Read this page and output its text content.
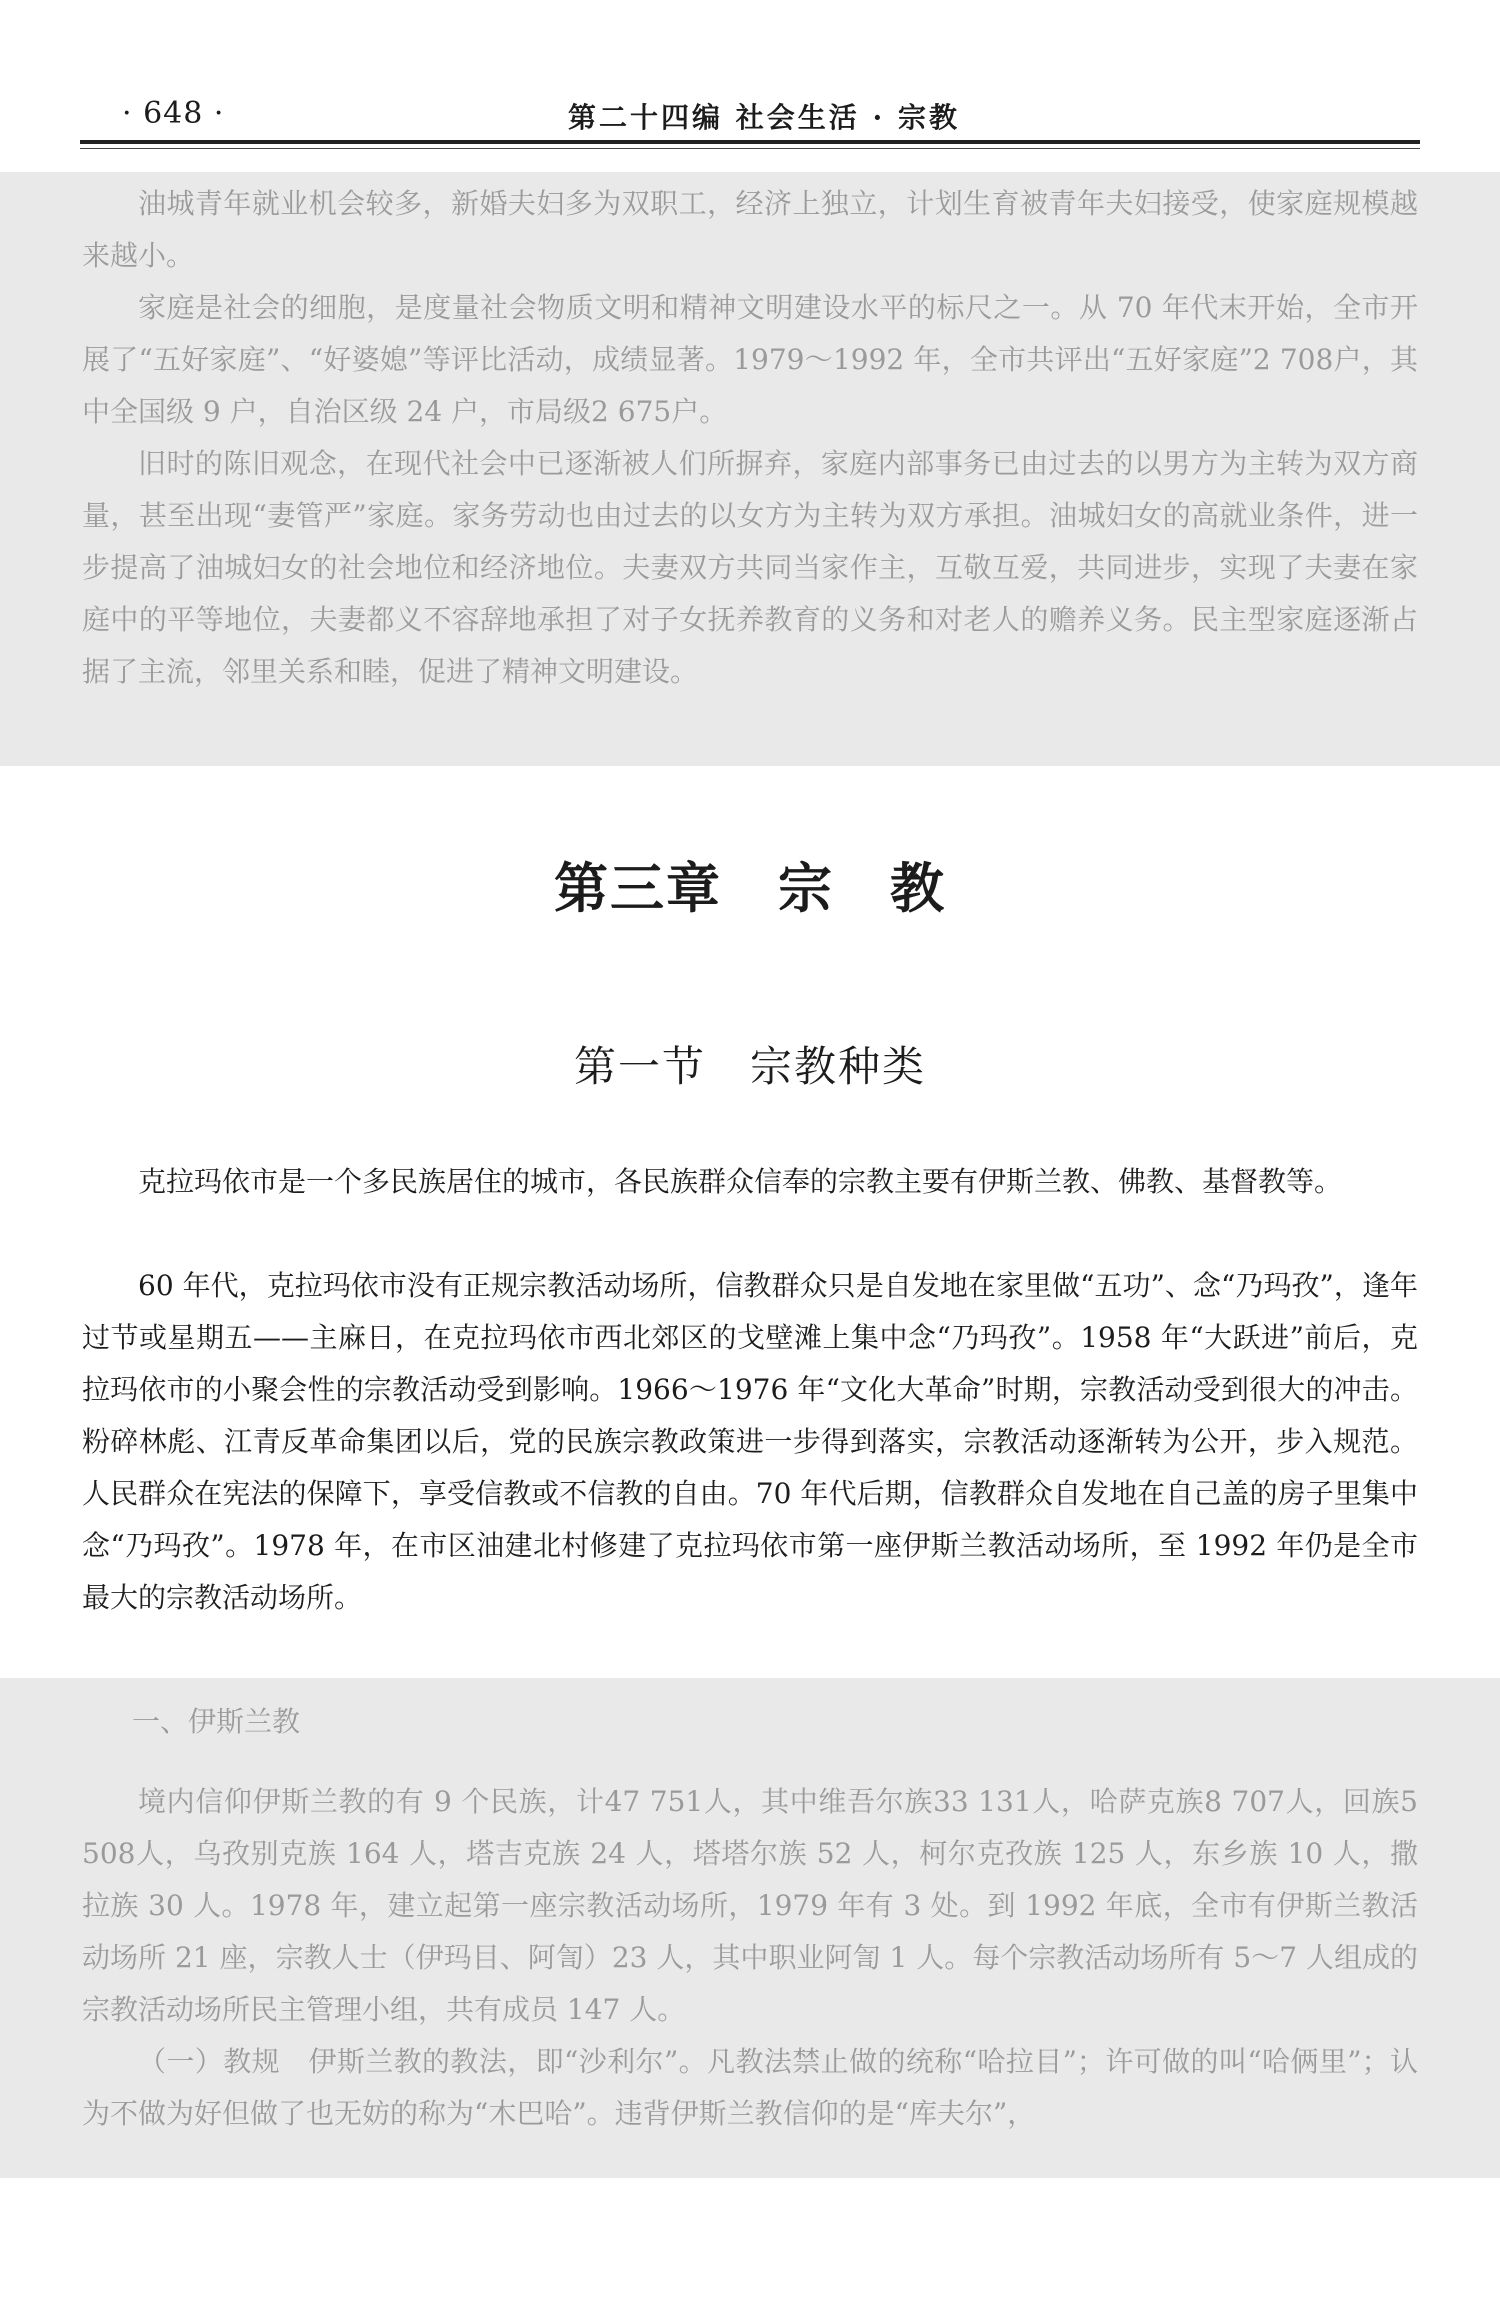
· 648 ·	第二十四编 社会生活 · 宗教

油城青年就业机会较多，新婚夫妇多为双职工，经济上独立，计划生育被青年夫妇接受，使家庭规模越来越小。

家庭是社会的细胞，是度量社会物质文明和精神文明建设水平的标尺之一。从 70 年代末开始，全市开展了“五好家庭”、“好婆媳”等评比活动，成绩显著。1979～1992 年，全市共评出“五好家庭”2 708户，其中全国级 9 户，自治区级 24 户，市局级2 675户。

旧时的陈旧观念，在现代社会中已逐渐被人们所摒弃，家庭内部事务已由过去的以男方为主转为双方商量，甚至出现“妻管严”家庭。家务劳动也由过去的以女方为主转为双方承担。油城妇女的高就业条件，进一步提高了油城妇女的社会地位和经济地位。夫妻双方共同当家作主，互敬互爱，共同进步，实现了夫妻在家庭中的平等地位，夫妻都义不容辞地承担了对子女抚养教育的义务和对老人的赡养义务。民主型家庭逐渐占据了主流，邻里关系和睦，促进了精神文明建设。

第三章　宗　教
第一节　宗教种类

克拉玛依市是一个多民族居住的城市，各民族群众信奉的宗教主要有伊斯兰教、佛教、基督教等。

60 年代，克拉玛依市没有正规宗教活动场所，信教群众只是自发地在家里做“五功”、念“乃玛孜”，逢年过节或星期五——主麻日，在克拉玛依市西北郊区的戈壁滩上集中念“乃玛孜”。1958 年“大跃进”前后，克拉玛依市的小聚会性的宗教活动受到影响。1966～1976 年“文化大革命”时期，宗教活动受到很大的冲击。粉碎林彪、江青反革命集团以后，党的民族宗教政策进一步得到落实，宗教活动逐渐转为公开，步入规范。人民群众在宪法的保障下，享受信教或不信教的自由。70 年代后期，信教群众自发地在自己盖的房子里集中念“乃玛孜”。1978 年，在市区油建北村修建了克拉玛依市第一座伊斯兰教活动场所，至 1992 年仍是全市最大的宗教活动场所。

一、伊斯兰教

境内信仰伊斯兰教的有 9 个民族，计47 751人，其中维吾尔族33 131人，哈萨克族8 707人，回族5 508人，乌孜别克族 164 人，塔吉克族 24 人，塔塔尔族 52 人，柯尔克孜族 125 人，东乡族 10 人，撒拉族 30 人。1978 年，建立起第一座宗教活动场所，1979 年有 3 处。到 1992 年底，全市有伊斯兰教活动场所 21 座，宗教人士（伊玛目、阿訇）23 人，其中职业阿訇 1 人。每个宗教活动场所有 5～7 人组成的宗教活动场所民主管理小组，共有成员 147 人。

（一）教规　伊斯兰教的教法，即“沙利尔”。凡教法禁止做的统称“哈拉目”；许可做的叫“哈俩里”；认为不做为好但做了也无妨的称为“木巴哈”。违背伊斯兰教信仰的是“库夫尔”，
